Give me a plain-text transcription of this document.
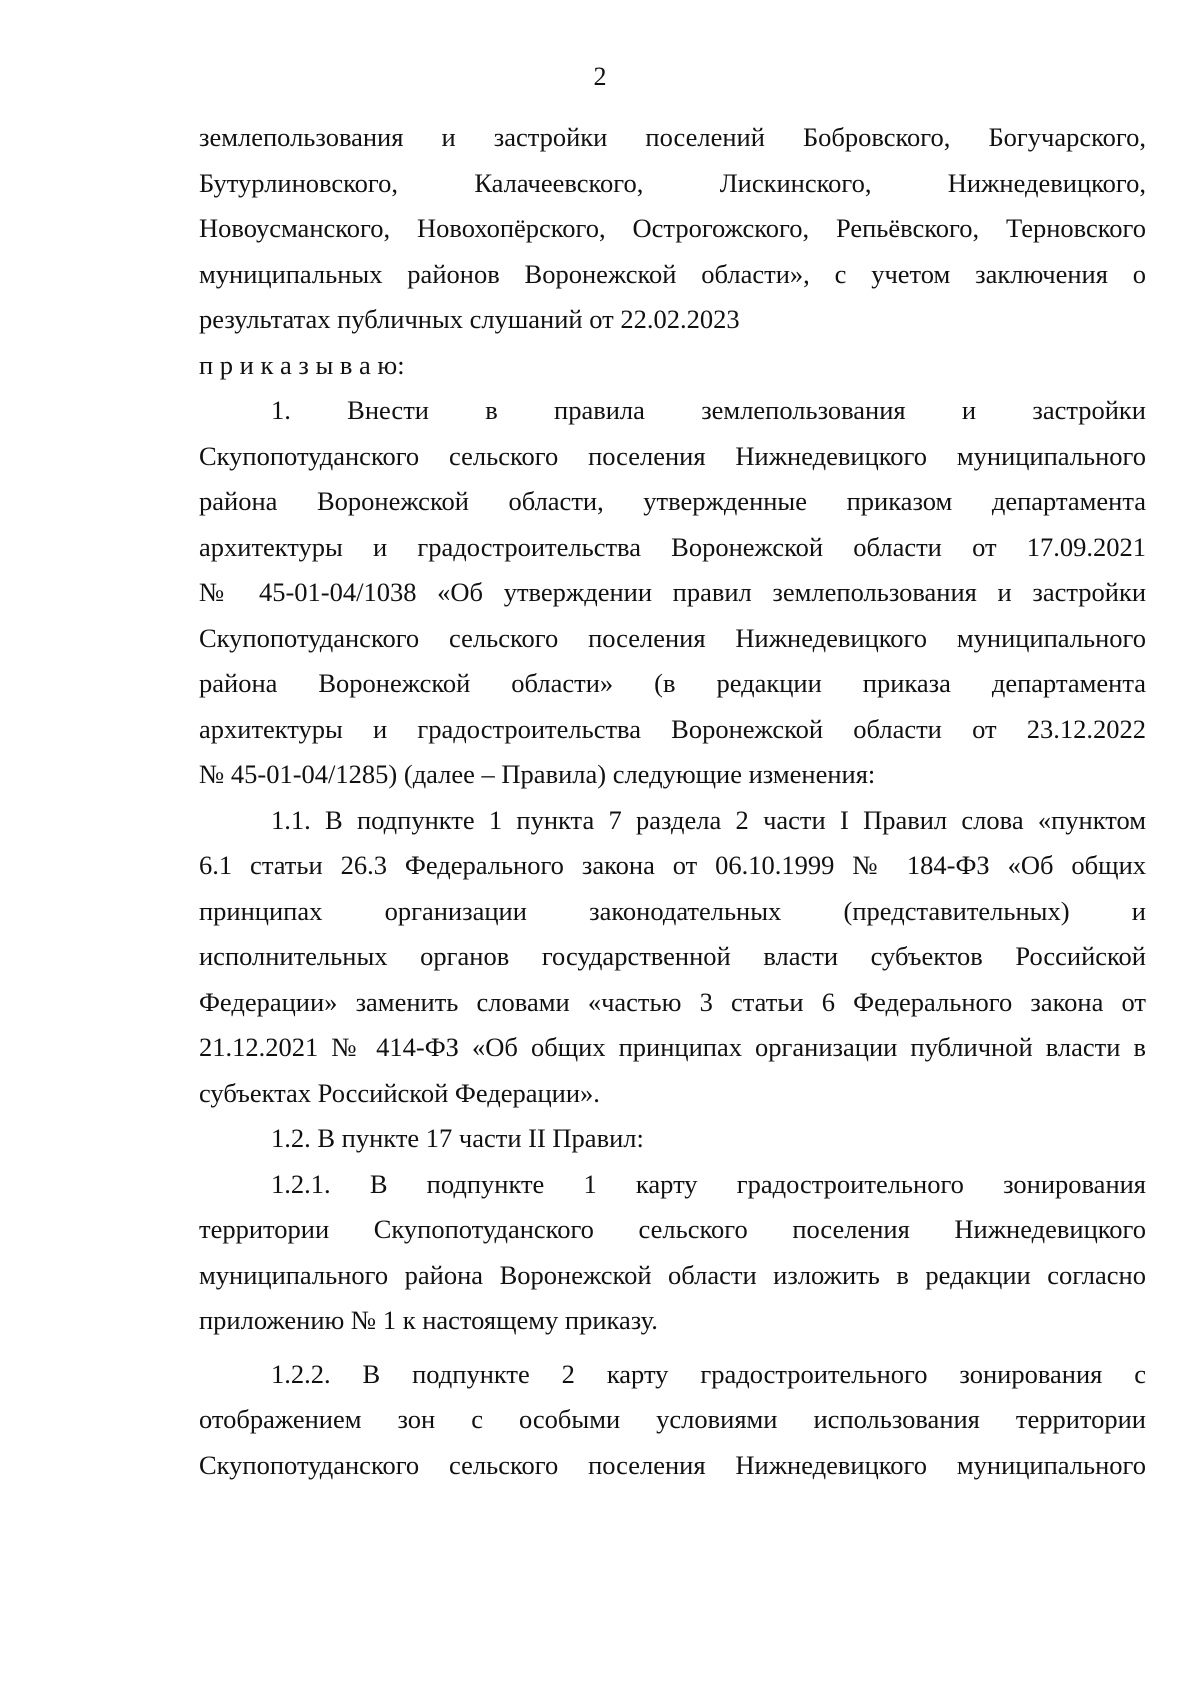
2
землепользования и застройки поселений Бобровского, Богучарского,
Бутурлиновского, Калачеевского, Лискинского, Нижнедевицкого,
Новоусманского, Новохопёрского, Острогожского, Репьёвского, Терновского
муниципальных районов Воронежской области», с учетом заключения о
результатах публичных слушаний от 22.02.2023
п р и к а з ы в а ю:
1. Внести в правила землепользования и застройки
Скупопотуданского сельского поселения Нижнедевицкого муниципального
района Воронежской области, утвержденные приказом департамента
архитектуры и градостроительства Воронежской области от 17.09.2021
№ 45-01-04/1038 «Об утверждении правил землепользования и застройки
Скупопотуданского сельского поселения Нижнедевицкого муниципального
района Воронежской области» (в редакции приказа департамента
архитектуры и градостроительства Воронежской области от 23.12.2022
№ 45-01-04/1285) (далее – Правила) следующие изменения:
1.1. В подпункте 1 пункта 7 раздела 2 части I Правил слова «пунктом
6.1 статьи 26.3 Федерального закона от 06.10.1999 № 184-ФЗ «Об общих
принципах организации законодательных (представительных) и
исполнительных органов государственной власти субъектов Российской
Федерации» заменить словами «частью 3 статьи 6 Федерального закона от
21.12.2021 № 414-ФЗ «Об общих принципах организации публичной власти в
субъектах Российской Федерации».
1.2. В пункте 17 части II Правил:
1.2.1. В подпункте 1 карту градостроительного зонирования
территории Скупопотуданского сельского поселения Нижнедевицкого
муниципального района Воронежской области изложить в редакции согласно
приложению № 1 к настоящему приказу.
1.2.2. В подпункте 2 карту градостроительного зонирования с
отображением зон с особыми условиями использования территории
Скупопотуданского сельского поселения Нижнедевицкого муниципального
